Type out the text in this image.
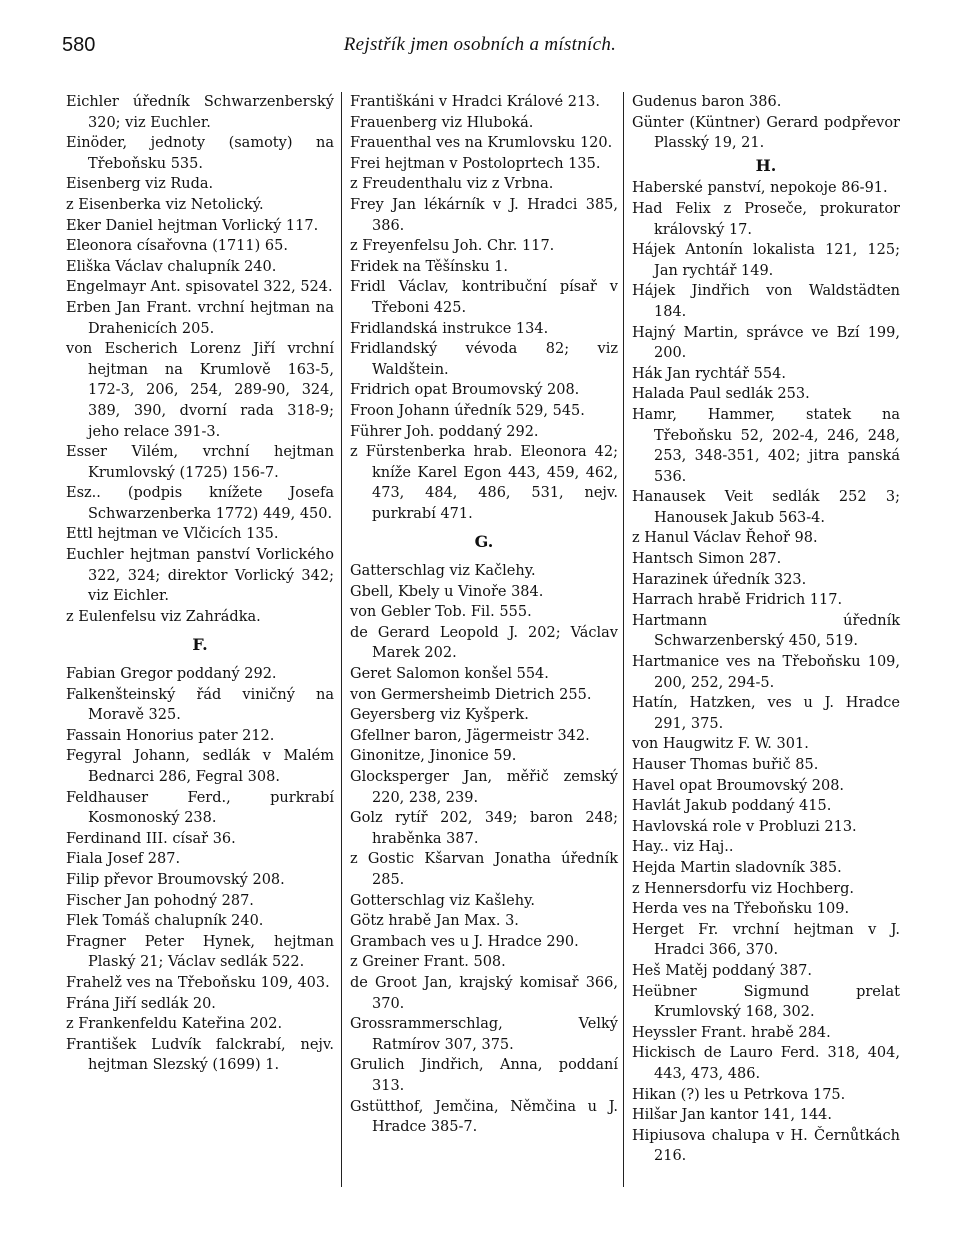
580	Rejstřík jmen osobních a místních.

Eichler úředník Schwarzenberský 320; viz Euchler.

Einöder, jednoty (samoty) na Třeboňsku 535.

Eisenberg viz Ruda.

z Eisenberka viz Netolický.

Eker Daniel hejtman Vorlický 117.

Eleonora císařovna (1711) 65.

Eliška Václav chalupník 240.

Engelmayr Ant. spisovatel 322, 524.

Erben Jan Frant. vrchní hejtman na Drahenicích 205.

von Escherich Lorenz Jiří vrchní hejtman na Krumlově 163-5, 172-3, 206, 254, 289-90, 324, 389, 390, dvorní rada 318-9; jeho relace 391-3.

Esser Vilém, vrchní hejtman Krumlovský (1725) 156-7.

Esz.. (podpis knížete Josefa Schwarzenberka 1772) 449, 450.

Ettl hejtman ve Vlčicích 135.

Euchler hejtman panství Vorlického 322, 324; direktor Vorlický 342; viz Eichler.

z Eulenfelsu viz Zahrádka.

F.

Fabian Gregor poddaný 292.

Falkenšteinský řád viničný na Moravě 325.

Fassain Honorius pater 212.

Fegyral Johann, sedlák v Malém Bednarci 286, Fegral 308.

Feldhauser Ferd., purkrabí Kosmonoský 238.

Ferdinand III. císař 36.

Fiala Josef 287.

Filip převor Broumovský 208.

Fischer Jan pohodný 287.

Flek Tomáš chalupník 240.

Fragner Peter Hynek, hejtman Plaský 21; Václav sedlák 522.

Frahelž ves na Třeboňsku 109, 403.

Frána Jiří sedlák 20.

z Frankenfeldu Kateřina 202.

František Ludvík falckrabí, nejv. hejtman Slezský (1699) 1.

Františkáni v Hradci Králové 213.

Frauenberg viz Hluboká.

Frauenthal ves na Krumlovsku 120.

Frei hejtman v Postoloprtech 135.

z Freudenthalu viz z Vrbna.

Frey Jan lékárník v J. Hradci 385, 386.

z Freyenfelsu Joh. Chr. 117.

Fridek na Těšínsku 1.

Fridl Václav, kontribuční písař v Třeboni 425.

Fridlandská instrukce 134.

Fridlandský vévoda 82; viz Waldštein.

Fridrich opat Broumovský 208.

Froon Johann úředník 529, 545.

Führer Joh. poddaný 292.

z Fürstenberka hrab. Eleonora 42; kníže Karel Egon 443, 459, 462, 473, 484, 486, 531, nejv. purkrabí 471.

G.

Gatterschlag viz Kačlehy.

Gbell, Kbely u Vinoře 384.

von Gebler Tob. Fil. 555.

de Gerard Leopold J. 202; Václav Marek 202.

Geret Salomon konšel 554.

von Germersheimb Dietrich 255.

Geyersberg viz Kyšperk.

Gfellner baron, Jägermeistr 342.

Ginonitze, Jinonice 59.

Glocksperger Jan, měřič zemský 220, 238, 239.

Golz rytíř 202, 349; baron 248; hraběnka 387.

z Gostic Kšarvan Jonatha úředník 285.

Gotterschlag viz Kašlehy.

Götz hrabě Jan Max. 3.

Grambach ves u J. Hradce 290.

z Greiner Frant. 508.

de Groot Jan, krajský komisař 366, 370.

Grossrammerschlag, Velký Ratmírov 307, 375.

Grulich Jindřich, Anna, poddaní 313.

Gstütthof, Jemčina, Němčina u J. Hradce 385-7.

Gudenus baron 386.

Günter (Küntner) Gerard podpřevor Plasský 19, 21.

H.

Haberské panství, nepokoje 86-91.

Had Felix z Proseče, prokurator královský 17.

Hájek Antonín lokalista 121, 125; Jan rychtář 149.

Hájek Jindřich von Waldstädten 184.

Hajný Martin, správce ve Bzí 199, 200.

Hák Jan rychtář 554.

Halada Paul sedlák 253.

Hamr, Hammer, statek na Třeboňsku 52, 202-4, 246, 248, 253, 348-351, 402; jitra panská 536.

Hanausek Veit sedlák 252 3; Hanousek Jakub 563-4.

z Hanul Václav Řehoř 98.

Hantsch Simon 287.

Harazinek úředník 323.

Harrach hrabě Fridrich 117.

Hartmann úředník Schwarzenberský 450, 519.

Hartmanice ves na Třeboňsku 109, 200, 252, 294-5.

Hatín, Hatzken, ves u J. Hradce 291, 375.

von Haugwitz F. W. 301.

Hauser Thomas buřič 85.

Havel opat Broumovský 208.

Havlát Jakub poddaný 415.

Havlovská role v Probluzi 213.

Hay.. viz Haj..

Hejda Martin sladovník 385.

z Hennersdorfu viz Hochberg.

Herda ves na Třeboňsku 109.

Herget Fr. vrchní hejtman v J. Hradci 366, 370.

Heš Matěj poddaný 387.

Heübner Sigmund prelat Krumlovský 168, 302.

Heyssler Frant. hrabě 284.

Hickisch de Lauro Ferd. 318, 404, 443, 473, 486.

Hikan (?) les u Petrkova 175.

Hilšar Jan kantor 141, 144.

Hipiusova chalupa v H. Černůtkách 216.
